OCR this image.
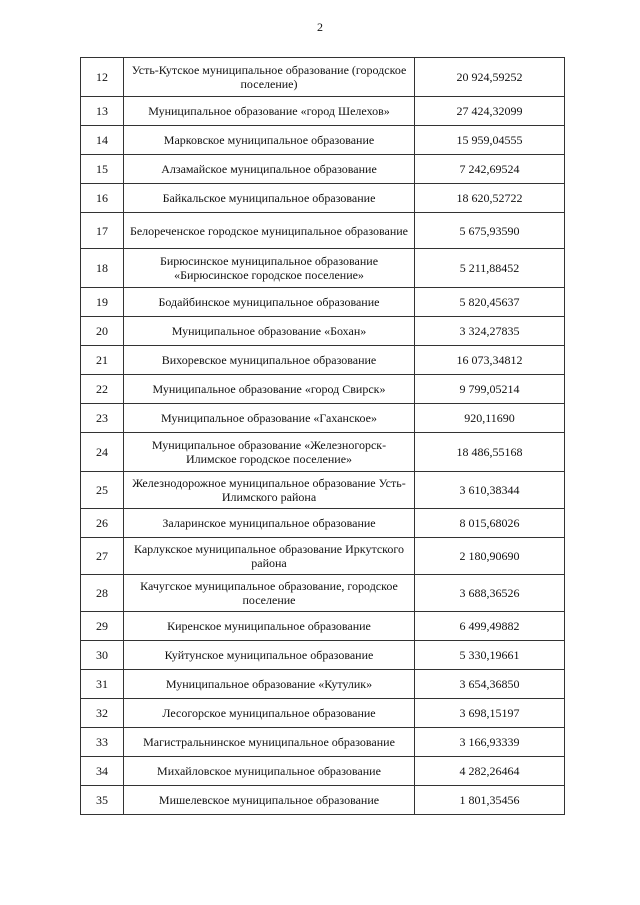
2
12	Усть-Кутское муниципальное образование (городское поселение)	20 924,59252
13	Муниципальное образование «город Шелехов»	27 424,32099
14	Марковское муниципальное образование	15 959,04555
15	Алзамайское муниципальное образование	7 242,69524
16	Байкальское муниципальное образование	18 620,52722
17	Белореченское городское муниципальное образование	5 675,93590
18	Бирюсинское муниципальное образование «Бирюсинское городское поселение»	5 211,88452
19	Бодайбинское муниципальное образование	5 820,45637
20	Муниципальное образование «Бохан»	3 324,27835
21	Вихоревское муниципальное образование	16 073,34812
22	Муниципальное образование «город Свирск»	9 799,05214
23	Муниципальное образование «Гаханское»	920,11690
24	Муниципальное образование «Железногорск-Илимское городское поселение»	18 486,55168
25	Железнодорожное муниципальное образование Усть-Илимского района	3 610,38344
26	Заларинское муниципальное образование	8 015,68026
27	Карлукское муниципальное образование Иркутского района	2 180,90690
28	Качугское муниципальное образование, городское поселение	3 688,36526
29	Киренское муниципальное образование	6 499,49882
30	Куйтунское муниципальное образование	5 330,19661
31	Муниципальное образование «Кутулик»	3 654,36850
32	Лесогорское муниципальное образование	3 698,15197
33	Магистральнинское муниципальное образование	3 166,93339
34	Михайловское муниципальное образование	4 282,26464
35	Мишелевское муниципальное образование	1 801,35456
